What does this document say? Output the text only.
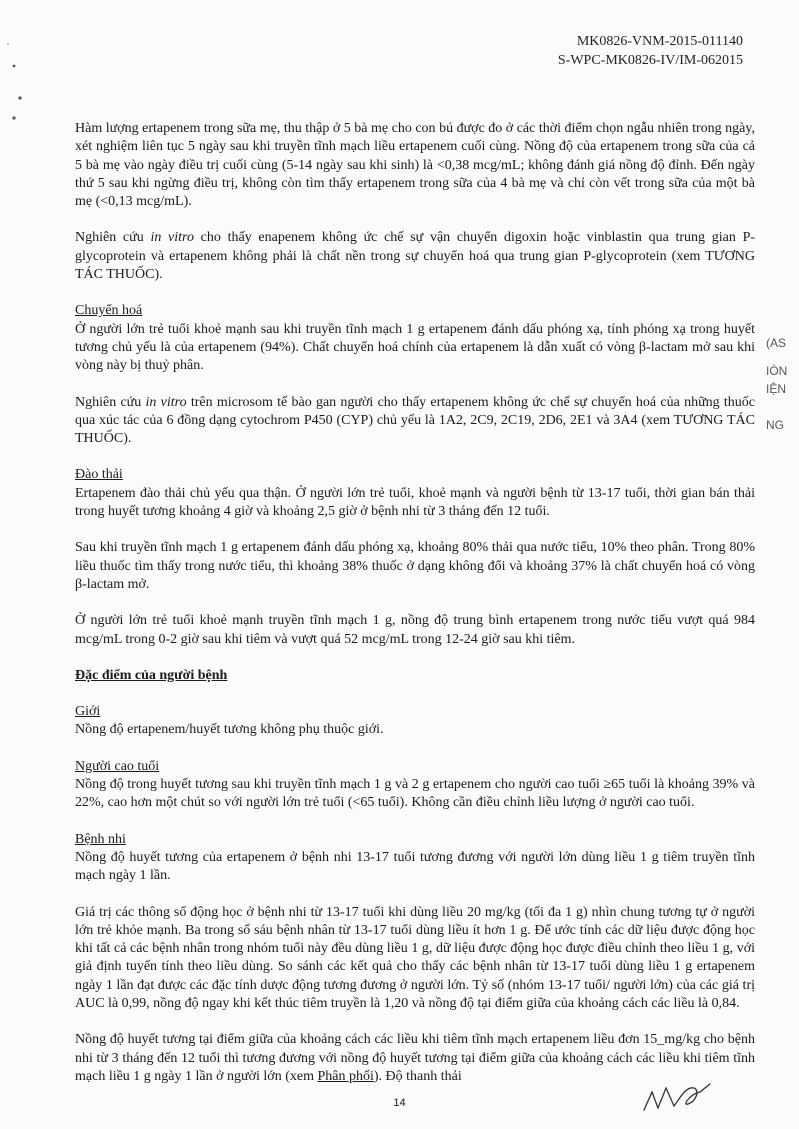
MK0826-VNM-2015-011140
S-WPC-MK0826-IV/IM-062015

Hàm lượng ertapenem trong sữa mẹ, thu thập ở 5 bà mẹ cho con bú được đo ở các thời điểm chọn ngẫu nhiên trong ngày, xét nghiệm liên tục 5 ngày sau khi truyền tĩnh mạch liều ertapenem cuối cùng. Nồng độ của ertapenem trong sữa của cả 5 bà mẹ vào ngày điều trị cuối cùng (5-14 ngày sau khi sinh) là <0,38 mcg/mL; không đánh giá nồng độ đỉnh. Đến ngày thứ 5 sau khi ngừng điều trị, không còn tìm thấy ertapenem trong sữa của 4 bà mẹ và chỉ còn vết trong sữa của một bà mẹ (<0,13 mcg/mL).

Nghiên cứu in vitro cho thấy enapenem không ức chế sự vận chuyển digoxin hoặc vinblastin qua trung gian P-glycoprotein và ertapenem không phải là chất nền trong sự chuyển hoá qua trung gian P-glycoprotein (xem TƯƠNG TÁC THUỐC).

Chuyển hoá

Ở người lớn trẻ tuổi khoẻ mạnh sau khi truyền tĩnh mạch 1 g ertapenem đánh dấu phóng xạ, tính phóng xạ trong huyết tương chủ yếu là của ertapenem (94%). Chất chuyển hoá chính của ertapenem là dẫn xuất có vòng β-lactam mở sau khi vòng này bị thuỷ phân.

Nghiên cứu in vitro trên microsom tế bào gan người cho thấy ertapenem không ức chế sự chuyển hoá của những thuốc qua xúc tác của 6 đồng dạng cytochrom P450 (CYP) chủ yếu là 1A2, 2C9, 2C19, 2D6, 2E1 và 3A4 (xem TƯƠNG TÁC THUỐC).

Đào thải

Ertapenem đào thải chủ yếu qua thận. Ở người lớn trẻ tuổi, khoẻ mạnh và người bệnh từ 13-17 tuổi, thời gian bán thải trong huyết tương khoảng 4 giờ và khoảng 2,5 giờ ở bệnh nhi từ 3 tháng đến 12 tuổi.

Sau khi truyền tĩnh mạch 1 g ertapenem đánh dấu phóng xạ, khoảng 80% thải qua nước tiểu, 10% theo phân. Trong 80% liều thuốc tìm thấy trong nước tiểu, thì khoảng 38% thuốc ở dạng không đổi và khoảng 37% là chất chuyển hoá có vòng β-lactam mở.

Ở người lớn trẻ tuổi khoẻ mạnh truyền tĩnh mạch 1 g, nồng độ trung bình ertapenem trong nước tiểu vượt quá 984 mcg/mL trong 0-2 giờ sau khi tiêm và vượt quá 52 mcg/mL trong 12-24 giờ sau khi tiêm.

Đặc điểm của người bệnh

Giới

Nồng độ ertapenem/huyết tương không phụ thuộc giới.

Người cao tuổi

Nồng độ trong huyết tương sau khi truyền tĩnh mạch 1 g và 2 g ertapenem cho người cao tuổi ≥65 tuổi là khoảng 39% và 22%, cao hơn một chút so với người lớn trẻ tuổi (<65 tuổi). Không cần điều chỉnh liều lượng ở người cao tuổi.

Bệnh nhi

Nồng độ huyết tương của ertapenem ở bệnh nhi 13-17 tuổi tương đương với người lớn dùng liều 1 g tiêm truyền tĩnh mạch ngày 1 lần.

Giá trị các thông số động học ở bệnh nhi từ 13-17 tuổi khi dùng liều 20 mg/kg (tối đa 1 g) nhìn chung tương tự ở người lớn trẻ khỏe mạnh. Ba trong số sáu bệnh nhân từ 13-17 tuổi dùng liều ít hơn 1 g. Để ước tính các dữ liệu được động học khi tất cả các bệnh nhân trong nhóm tuổi này đều dùng liều 1 g, dữ liệu được động học được điều chỉnh theo liều 1 g, với giả định tuyến tính theo liều dùng. So sánh các kết quả cho thấy các bệnh nhân từ 13-17 tuổi dùng liều 1 g ertapenem ngày 1 lần đạt được các đặc tính dược động tương đương ở người lớn. Tỷ số (nhóm 13-17 tuổi/ người lớn) của các giá trị AUC là 0,99, nồng độ ngay khi kết thúc tiêm truyền là 1,20 và nồng độ tại điểm giữa của khoảng cách các liều là 0,84.

Nồng độ huyết tương tại điểm giữa của khoảng cách các liều khi tiêm tĩnh mạch ertapenem liều đơn 15_mg/kg cho bệnh nhi từ 3 tháng đến 12 tuổi thì tương đương với nồng độ huyết tương tại điểm giữa của khoảng cách các liều khi tiêm tĩnh mạch liều 1 g ngày 1 lần ở người lớn (xem Phân phối). Độ thanh thải

(AS
IÒN
IỆN
NG
14
